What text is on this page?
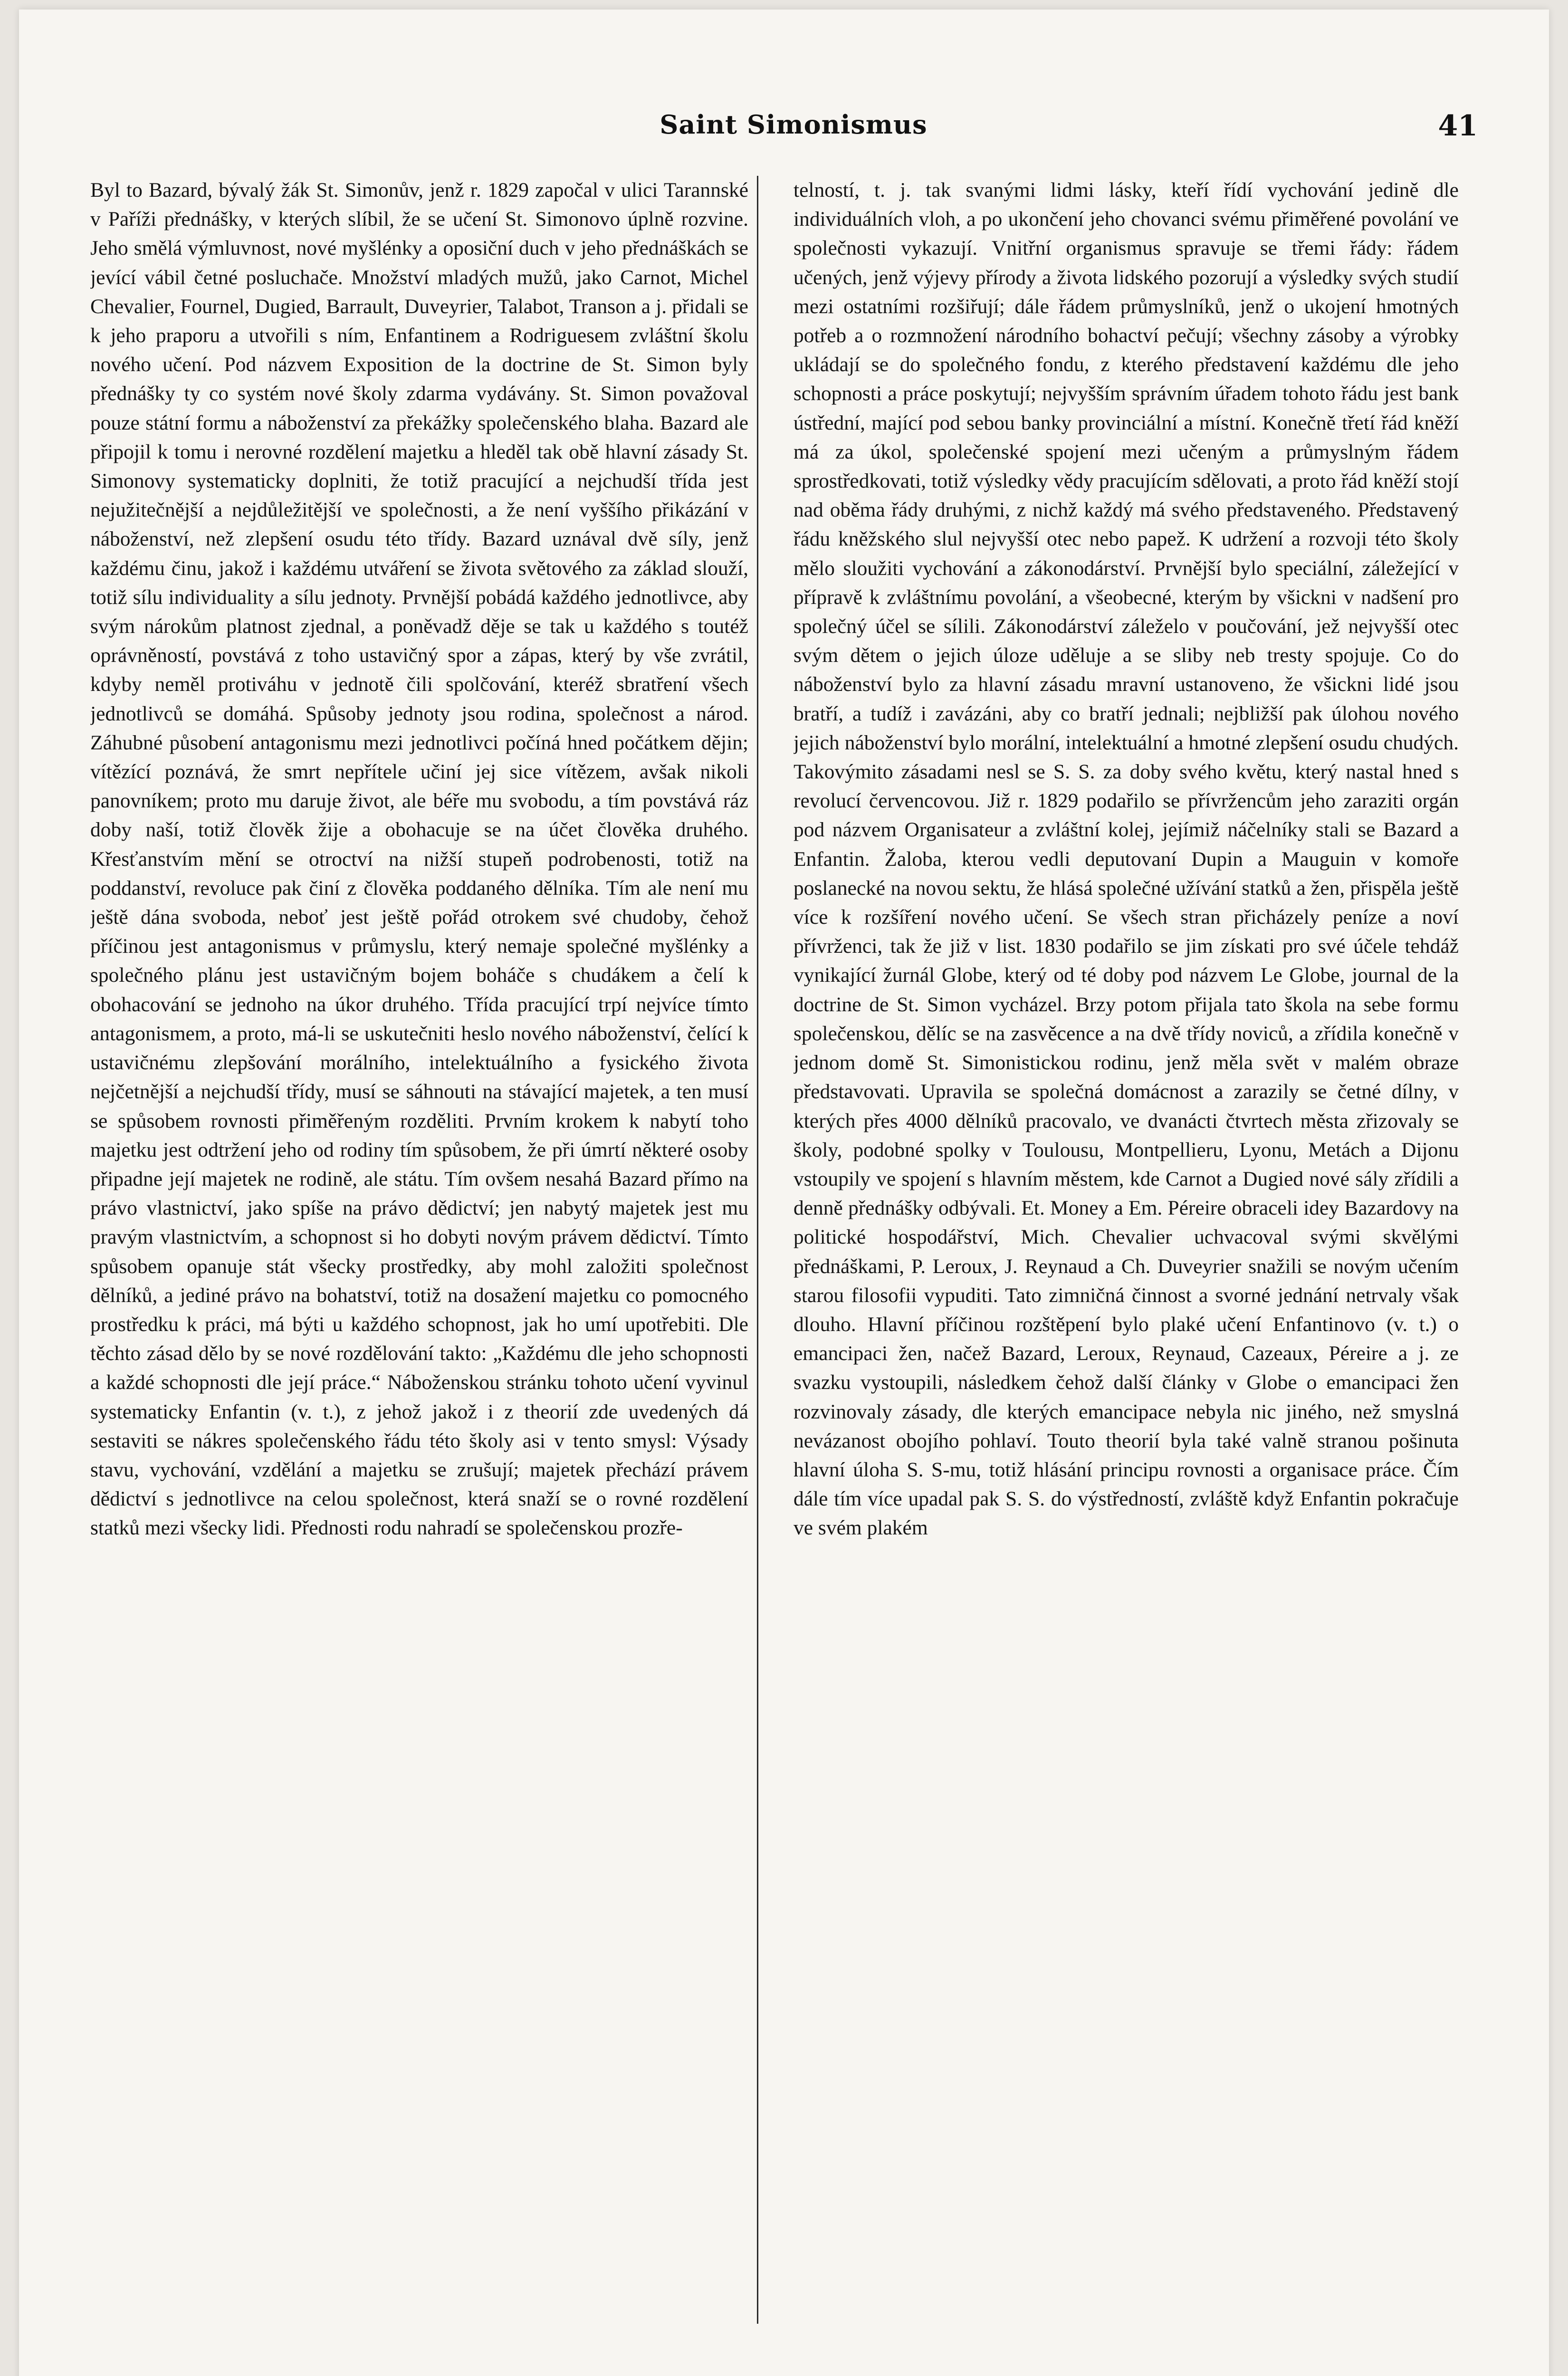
Saint Simonismus	41

Byl to Bazard, bývalý žák St. Simonův, jenž r. 1829 započal v ulici Tarannské v Paříži přednášky, v kterých slíbil, že se učení St. Simonovo úplně rozvine. Jeho smělá výmluvnost, nové myšlénky a oposiční duch v jeho přednáškách se jevící vábil četné posluchače. Množství mladých mužů, jako Carnot, Michel Chevalier, Fournel, Dugied, Barrault, Duveyrier, Talabot, Transon a j. přidali se k jeho praporu a utvořili s ním, Enfantinem a Rodriguesem zvláštní školu nového učení. Pod názvem Exposition de la doctrine de St. Simon byly přednášky ty co systém nové školy zdarma vydávány. St. Simon považoval pouze státní formu a náboženství za překážky společenského blaha. Bazard ale připojil k tomu i nerovné rozdělení majetku a hleděl tak obě hlavní zásady St. Simonovy systematicky doplniti, že totiž pracující a nejchudší třída jest nejužitečnější a nejdůležitější ve společnosti, a že není vyššího přikázání v náboženství, než zlepšení osudu této třídy. Bazard uznával dvě síly, jenž každému činu, jakož i každému utváření se života světového za základ slouží, totiž sílu individuality a sílu jednoty. Prvnější pobádá každého jednotlivce, aby svým nárokům platnost zjednal, a poněvadž děje se tak u každého s toutéž oprávněností, povstává z toho ustavičný spor a zápas, který by vše zvrátil, kdyby neměl protiváhu v jednotě čili spolčování, kteréž sbratření všech jednotlivců se domáhá. Spůsoby jednoty jsou rodina, společnost a národ. Záhubné působení antagonismu mezi jednotlivci počíná hned počátkem dějin; vítězící poznává, že smrt nepřítele učiní jej sice vítězem, avšak nikoli panovníkem; proto mu daruje život, ale béře mu svobodu, a tím povstává ráz doby naší, totiž člověk žije a obohacuje se na účet člověka druhého. Křesťanstvím mění se otroctví na nižší stupeň podrobenosti, totiž na poddanství, revoluce pak činí z člověka poddaného dělníka. Tím ale není mu ještě dána svoboda, neboť jest ještě pořád otrokem své chudoby, čehož příčinou jest antagonismus v průmyslu, který nemaje společné myšlénky a společného plánu jest ustavičným bojem boháče s chudákem a čelí k obohacování se jednoho na úkor druhého. Třída pracující trpí nejvíce tímto antagonismem, a proto, má-li se uskutečniti heslo nového náboženství, čelící k ustavičnému zlepšování morálního, intelektuálního a fysického života nejčetnější a nejchudší třídy, musí se sáhnouti na stávající majetek, a ten musí se spůsobem rovnosti přiměřeným rozděliti. Prvním krokem k nabytí toho majetku jest odtržení jeho od rodiny tím spůsobem, že při úmrtí některé osoby připadne její majetek ne rodině, ale státu. Tím ovšem nesahá Bazard přímo na právo vlastnictví, jako spíše na právo dědictví; jen nabytý majetek jest mu pravým vlastnictvím, a schopnost si ho dobyti novým právem dědictví. Tímto spůsobem opanuje stát všecky prostředky, aby mohl založiti společnost dělníků, a jediné právo na bohatství, totiž na dosažení majetku co pomocného prostředku k práci, má býti u každého schopnost, jak ho umí upotřebiti. Dle těchto zásad dělo by se nové rozdělování takto: „Každému dle jeho schopnosti a každé schopnosti dle její práce.“ Náboženskou stránku tohoto učení vyvinul systematicky Enfantin (v. t.), z jehož jakož i z theorií zde uvedených dá sestaviti se nákres společenského řádu této školy asi v tento smysl: Výsady stavu, vychování, vzdělání a majetku se zrušují; majetek přechází právem dědictví s jednotlivce na celou společnost, která snaží se o rovné rozdělení statků mezi všecky lidi. Přednosti rodu nahradí se společenskou prozře-

telností, t. j. tak svanými lidmi lásky, kteří řídí vychování jedině dle individuálních vloh, a po ukončení jeho chovanci svému přiměřené povolání ve společnosti vykazují. Vnitřní organismus spravuje se třemi řády: řádem učených, jenž výjevy přírody a života lidského pozorují a výsledky svých studií mezi ostatními rozšiřují; dále řádem průmyslníků, jenž o ukojení hmotných potřeb a o rozmnožení národního bohactví pečují; všechny zásoby a výrobky ukládají se do společného fondu, z kterého představení každému dle jeho schopnosti a práce poskytují; nejvyšším správním úřadem tohoto řádu jest bank ústřední, mající pod sebou banky provinciální a místní. Konečně třetí řád kněží má za úkol, společenské spojení mezi učeným a průmyslným řádem sprostředkovati, totiž výsledky vědy pracujícím sdělovati, a proto řád kněží stojí nad oběma řády druhými, z nichž každý má svého představeného. Představený řádu kněžského slul nejvyšší otec nebo papež. K udržení a rozvoji této školy mělo sloužiti vychování a zákonodárství. Prvnější bylo speciální, záležející v přípravě k zvláštnímu povolání, a všeobecné, kterým by všickni v nadšení pro společný účel se sílili. Zákonodárství záleželo v poučování, jež nejvyšší otec svým dětem o jejich úloze uděluje a se sliby neb tresty spojuje. Co do náboženství bylo za hlavní zásadu mravní ustanoveno, že všickni lidé jsou bratří, a tudíž i zavázáni, aby co bratří jednali; nejbližší pak úlohou nového jejich náboženství bylo morální, intelektuální a hmotné zlepšení osudu chudých. Takovýmito zásadami nesl se S. S. za doby svého květu, který nastal hned s revolucí červencovou. Již r. 1829 podařilo se přívržencům jeho zaraziti orgán pod názvem Organisateur a zvláštní kolej, jejímiž náčelníky stali se Bazard a Enfantin. Žaloba, kterou vedli deputovaní Dupin a Mauguin v komoře poslanecké na novou sektu, že hlásá společné užívání statků a žen, přispěla ještě více k rozšíření nového učení. Se všech stran přicházely peníze a noví přívrženci, tak že již v list. 1830 podařilo se jim získati pro své účele tehdáž vynikající žurnál Globe, který od té doby pod názvem Le Globe, journal de la doctrine de St. Simon vycházel. Brzy potom přijala tato škola na sebe formu společenskou, dělíc se na zasvěcence a na dvě třídy noviců, a zřídila konečně v jednom domě St. Simonistickou rodinu, jenž měla svět v malém obraze představovati. Upravila se společná domácnost a zarazily se četné dílny, v kterých přes 4000 dělníků pracovalo, ve dvanácti čtvrtech města zřizovaly se školy, podobné spolky v Toulousu, Montpellieru, Lyonu, Metách a Dijonu vstoupily ve spojení s hlavním městem, kde Carnot a Dugied nové sály zřídili a denně přednášky odbývali. Et. Money a Em. Péreire obraceli idey Bazardovy na politické hospodářství, Mich. Chevalier uchvacoval svými skvělými přednáškami, P. Leroux, J. Reynaud a Ch. Duveyrier snažili se novým učením starou filosofii vypuditi. Tato zimničná činnost a svorné jednání netrvaly však dlouho. Hlavní příčinou rozštěpení bylo plaké učení Enfantinovo (v. t.) o emancipaci žen, načež Bazard, Leroux, Reynaud, Cazeaux, Péreire a j. ze svazku vystoupili, následkem čehož další články v Globe o emancipaci žen rozvinovaly zásady, dle kterých emancipace nebyla nic jiného, než smyslná nevázanost obojího pohlaví. Touto theorií byla také valně stranou pošinuta hlavní úloha S. S-mu, totiž hlásání principu rovnosti a organisace práce. Čím dále tím více upadal pak S. S. do výstředností, zvláště když Enfantin pokračuje ve svém plakém
